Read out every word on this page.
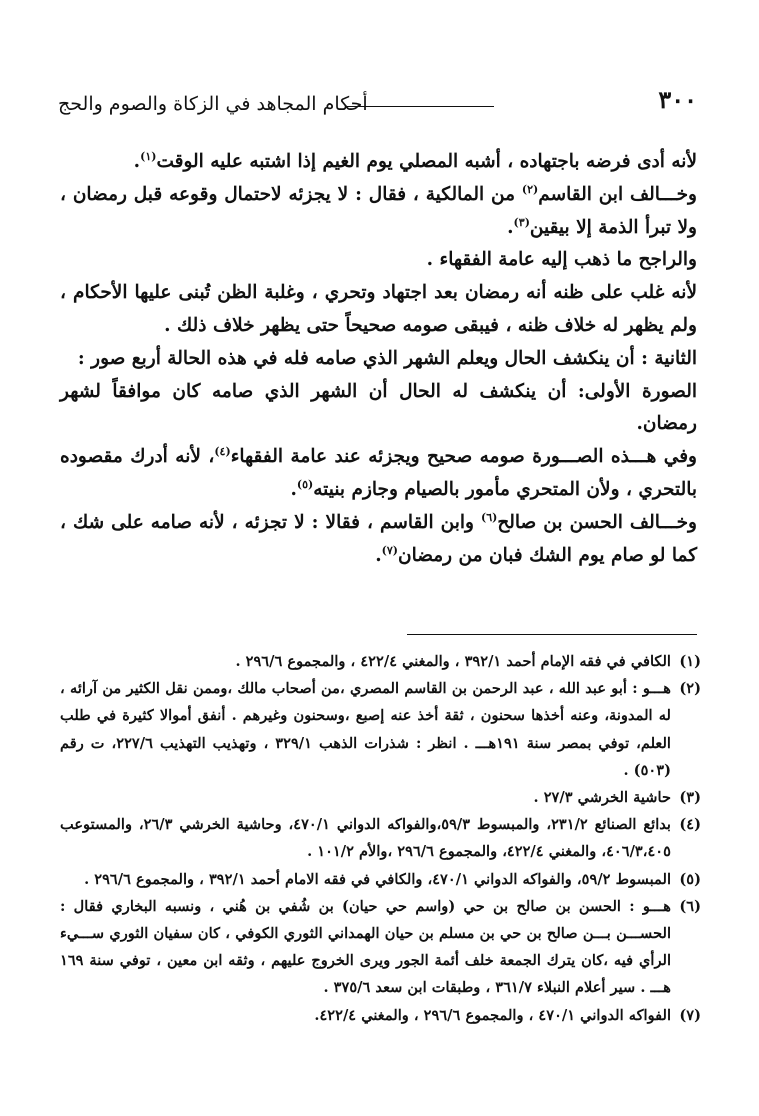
٣٠٠
أحكام المجاهد في الزكاة والصوم والحج

لأنه أدى فرضه باجتهاده ، أشبه المصلي يوم الغيم إذا اشتبه عليه الوقت$^{(١)}$.

وخـــالف ابن القاسم$^{(٢)}$ من المالكية ، فقال : لا يجزئه لاحتمال وقوعه قبل رمضان ، ولا تبرأ الذمة إلا بيقين$^{(٣)}$.

والراجح ما ذهب إليه عامة الفقهاء .

لأنه غلب على ظنه أنه رمضان بعد اجتهاد وتحري ، وغلبة الظن تُبنى عليها الأحكام ، ولم يظهر له خلاف ظنه ، فيبقى صومه صحيحاً حتى يظهر خلاف ذلك .

الثانية : أن ينكشف الحال ويعلم الشهر الذي صامه فله في هذه الحالة أربع صور :

الصورة الأولى: أن ينكشف له الحال أن الشهر الذي صامه كان موافقاً لشهر رمضان.

وفي هـــذه الصـــورة صومه صحيح ويجزئه عند عامة الفقهاء$^{(٤)}$، لأنه أدرك مقصوده بالتحري ، ولأن المتحري مأمور بالصيام وجازم بنيته$^{(٥)}$.

وخـــالف الحسن بن صالح$^{(٦)}$ وابن القاسم ، فقالا : لا تجزئه ، لأنه صامه على شك ، كما لو صام يوم الشك فبان من رمضان$^{(٧)}$.

(١)
الكافي في فقه الإمام أحمد ٣٩٢/١ ، والمغني ٤٢٢/٤ ، والمجموع ٢٩٦/٦ .

(٢)
هـــو : أبو عبد الله ، عبد الرحمن بن القاسم المصري ،من أصحاب مالك ،وممن نقل الكثير من آرائه ، له المدونة، وعنه أخذها سحنون ، ثقة أخذ عنه إصبع ،وسحنون وغيرهم . أنفق أموالا كثيرة في طلب العلم، توفي بمصر سنة ١٩١هـــ . انظر : شذرات الذهب ٣٢٩/١ ، وتهذيب التهذيب ٢٢٧/٦، ت رقم (٥٠٣) .

(٣)
حاشية الخرشي ٢٧/٣ .

(٤)
بدائع الصنائع ٢٣١/٢، والمبسوط ٥٩/٣،والفواكه الدواني ٤٧٠/١، وحاشية الخرشي ٢٦/٣، والمستوعب ٤٠٦/٣،٤٠٥، والمغني ٤٢٢/٤، والمجموع ٢٩٦/٦ ،والأم ١٠١/٢ .

(٥)
المبسوط ٥٩/٢، والفواكه الدواني ٤٧٠/١، والكافي في فقه الامام أحمد ٣٩٢/١ ، والمجموع ٢٩٦/٦ .

(٦)
هـــو : الحسن بن صالح بن حي (واسم حي حيان) بن شُفي بن هُني ، ونسبه البخاري فقال : الحســـن بـــن صالح بن حي بن مسلم بن حيان الهمداني الثوري الكوفي ، كان سفيان الثوري ســـيء الرأي فيه ،كان يترك الجمعة خلف أئمة الجور ويرى الخروج عليهم ، وثقه ابن معين ، توفي سنة ١٦٩ هـــ . سير أعلام النبلاء ٣٦١/٧ ، وطبقات ابن سعد ٣٧٥/٦ .

(٧)
الفواكه الدواني ٤٧٠/١ ، والمجموع ٢٩٦/٦ ، والمغني ٤٢٢/٤.
